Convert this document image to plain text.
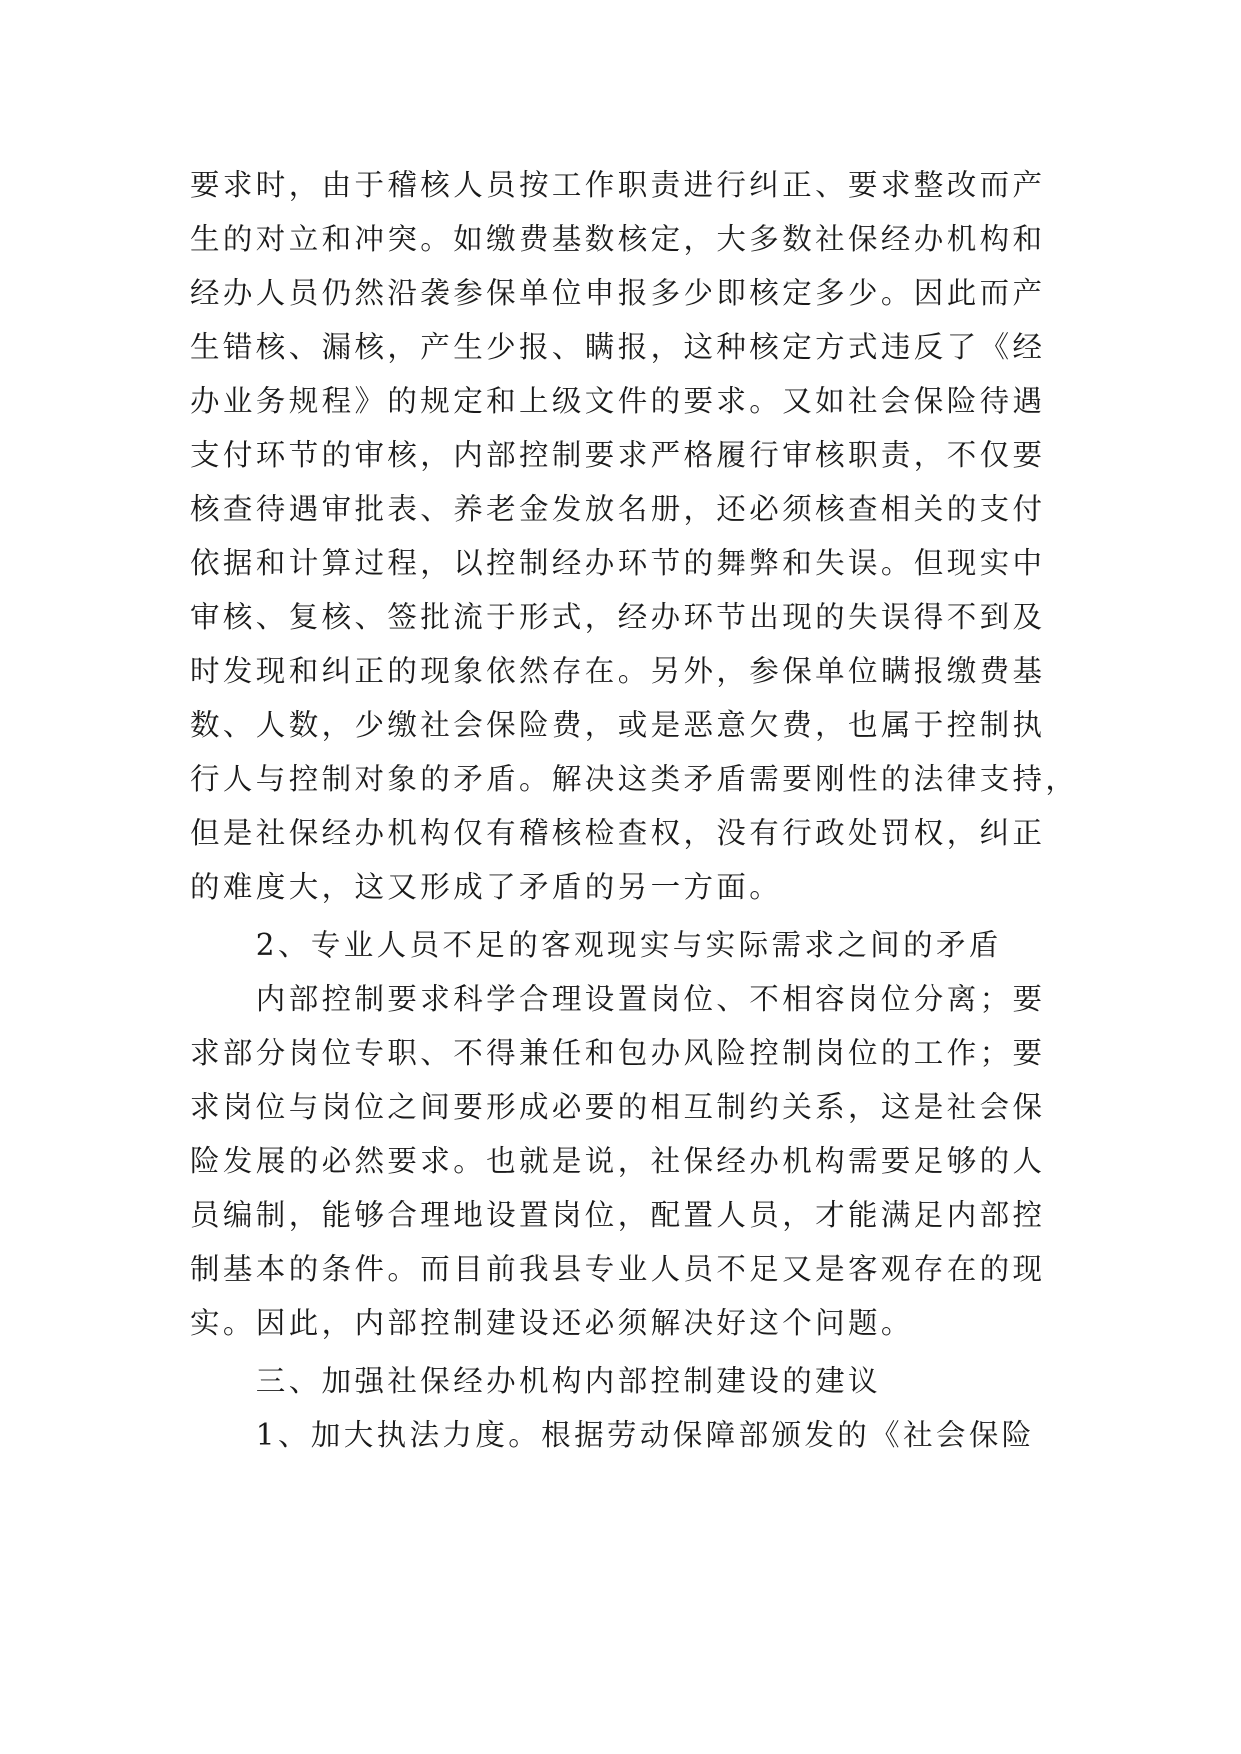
要求时，由于稽核人员按工作职责进行纠正、要求整改而产
生的对立和冲突。如缴费基数核定，大多数社保经办机构和
经办人员仍然沿袭参保单位申报多少即核定多少。因此而产
生错核、漏核，产生少报、瞒报，这种核定方式违反了《经
办业务规程》的规定和上级文件的要求。又如社会保险待遇
支付环节的审核，内部控制要求严格履行审核职责，不仅要
核查待遇审批表、养老金发放名册，还必须核查相关的支付
依据和计算过程，以控制经办环节的舞弊和失误。但现实中
审核、复核、签批流于形式，经办环节出现的失误得不到及
时发现和纠正的现象依然存在。另外，参保单位瞒报缴费基
数、人数，少缴社会保险费，或是恶意欠费，也属于控制执
行人与控制对象的矛盾。解决这类矛盾需要刚性的法律支持，
但是社保经办机构仅有稽核检查权，没有行政处罚权，纠正
的难度大，这又形成了矛盾的另一方面。
　　2、专业人员不足的客观现实与实际需求之间的矛盾
　　内部控制要求科学合理设置岗位、不相容岗位分离；要
求部分岗位专职、不得兼任和包办风险控制岗位的工作；要
求岗位与岗位之间要形成必要的相互制约关系，这是社会保
险发展的必然要求。也就是说，社保经办机构需要足够的人
员编制，能够合理地设置岗位，配置人员，才能满足内部控
制基本的条件。而目前我县专业人员不足又是客观存在的现
实。因此，内部控制建设还必须解决好这个问题。
　　三、加强社保经办机构内部控制建设的建议
　　1、加大执法力度。根据劳动保障部颁发的《社会保险
